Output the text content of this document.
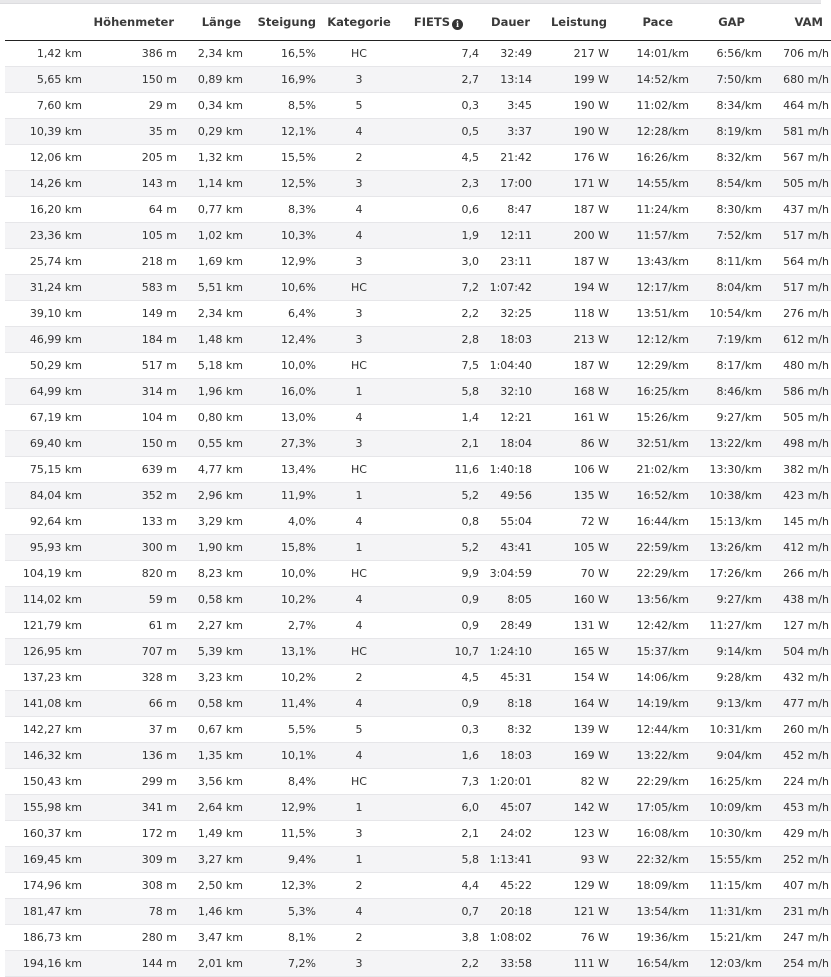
	Höhenmeter	Länge	Steigung	Kategorie	FIETS i	Dauer	Leistung	Pace	GAP	VAM
1,42 km	386 m	2,34 km	16,5%	HC	7,4	32:49	217 W	14:01/km	6:56/km	706 m/h
5,65 km	150 m	0,89 km	16,9%	3	2,7	13:14	199 W	14:52/km	7:50/km	680 m/h
7,60 km	29 m	0,34 km	8,5%	5	0,3	3:45	190 W	11:02/km	8:34/km	464 m/h
10,39 km	35 m	0,29 km	12,1%	4	0,5	3:37	190 W	12:28/km	8:19/km	581 m/h
12,06 km	205 m	1,32 km	15,5%	2	4,5	21:42	176 W	16:26/km	8:32/km	567 m/h
14,26 km	143 m	1,14 km	12,5%	3	2,3	17:00	171 W	14:55/km	8:54/km	505 m/h
16,20 km	64 m	0,77 km	8,3%	4	0,6	8:47	187 W	11:24/km	8:30/km	437 m/h
23,36 km	105 m	1,02 km	10,3%	4	1,9	12:11	200 W	11:57/km	7:52/km	517 m/h
25,74 km	218 m	1,69 km	12,9%	3	3,0	23:11	187 W	13:43/km	8:11/km	564 m/h
31,24 km	583 m	5,51 km	10,6%	HC	7,2	1:07:42	194 W	12:17/km	8:04/km	517 m/h
39,10 km	149 m	2,34 km	6,4%	3	2,2	32:25	118 W	13:51/km	10:54/km	276 m/h
46,99 km	184 m	1,48 km	12,4%	3	2,8	18:03	213 W	12:12/km	7:19/km	612 m/h
50,29 km	517 m	5,18 km	10,0%	HC	7,5	1:04:40	187 W	12:29/km	8:17/km	480 m/h
64,99 km	314 m	1,96 km	16,0%	1	5,8	32:10	168 W	16:25/km	8:46/km	586 m/h
67,19 km	104 m	0,80 km	13,0%	4	1,4	12:21	161 W	15:26/km	9:27/km	505 m/h
69,40 km	150 m	0,55 km	27,3%	3	2,1	18:04	86 W	32:51/km	13:22/km	498 m/h
75,15 km	639 m	4,77 km	13,4%	HC	11,6	1:40:18	106 W	21:02/km	13:30/km	382 m/h
84,04 km	352 m	2,96 km	11,9%	1	5,2	49:56	135 W	16:52/km	10:38/km	423 m/h
92,64 km	133 m	3,29 km	4,0%	4	0,8	55:04	72 W	16:44/km	15:13/km	145 m/h
95,93 km	300 m	1,90 km	15,8%	1	5,2	43:41	105 W	22:59/km	13:26/km	412 m/h
104,19 km	820 m	8,23 km	10,0%	HC	9,9	3:04:59	70 W	22:29/km	17:26/km	266 m/h
114,02 km	59 m	0,58 km	10,2%	4	0,9	8:05	160 W	13:56/km	9:27/km	438 m/h
121,79 km	61 m	2,27 km	2,7%	4	0,9	28:49	131 W	12:42/km	11:27/km	127 m/h
126,95 km	707 m	5,39 km	13,1%	HC	10,7	1:24:10	165 W	15:37/km	9:14/km	504 m/h
137,23 km	328 m	3,23 km	10,2%	2	4,5	45:31	154 W	14:06/km	9:28/km	432 m/h
141,08 km	66 m	0,58 km	11,4%	4	0,9	8:18	164 W	14:19/km	9:13/km	477 m/h
142,27 km	37 m	0,67 km	5,5%	5	0,3	8:32	139 W	12:44/km	10:31/km	260 m/h
146,32 km	136 m	1,35 km	10,1%	4	1,6	18:03	169 W	13:22/km	9:04/km	452 m/h
150,43 km	299 m	3,56 km	8,4%	HC	7,3	1:20:01	82 W	22:29/km	16:25/km	224 m/h
155,98 km	341 m	2,64 km	12,9%	1	6,0	45:07	142 W	17:05/km	10:09/km	453 m/h
160,37 km	172 m	1,49 km	11,5%	3	2,1	24:02	123 W	16:08/km	10:30/km	429 m/h
169,45 km	309 m	3,27 km	9,4%	1	5,8	1:13:41	93 W	22:32/km	15:55/km	252 m/h
174,96 km	308 m	2,50 km	12,3%	2	4,4	45:22	129 W	18:09/km	11:15/km	407 m/h
181,47 km	78 m	1,46 km	5,3%	4	0,7	20:18	121 W	13:54/km	11:31/km	231 m/h
186,73 km	280 m	3,47 km	8,1%	2	3,8	1:08:02	76 W	19:36/km	15:21/km	247 m/h
194,16 km	144 m	2,01 km	7,2%	3	2,2	33:58	111 W	16:54/km	12:03/km	254 m/h
